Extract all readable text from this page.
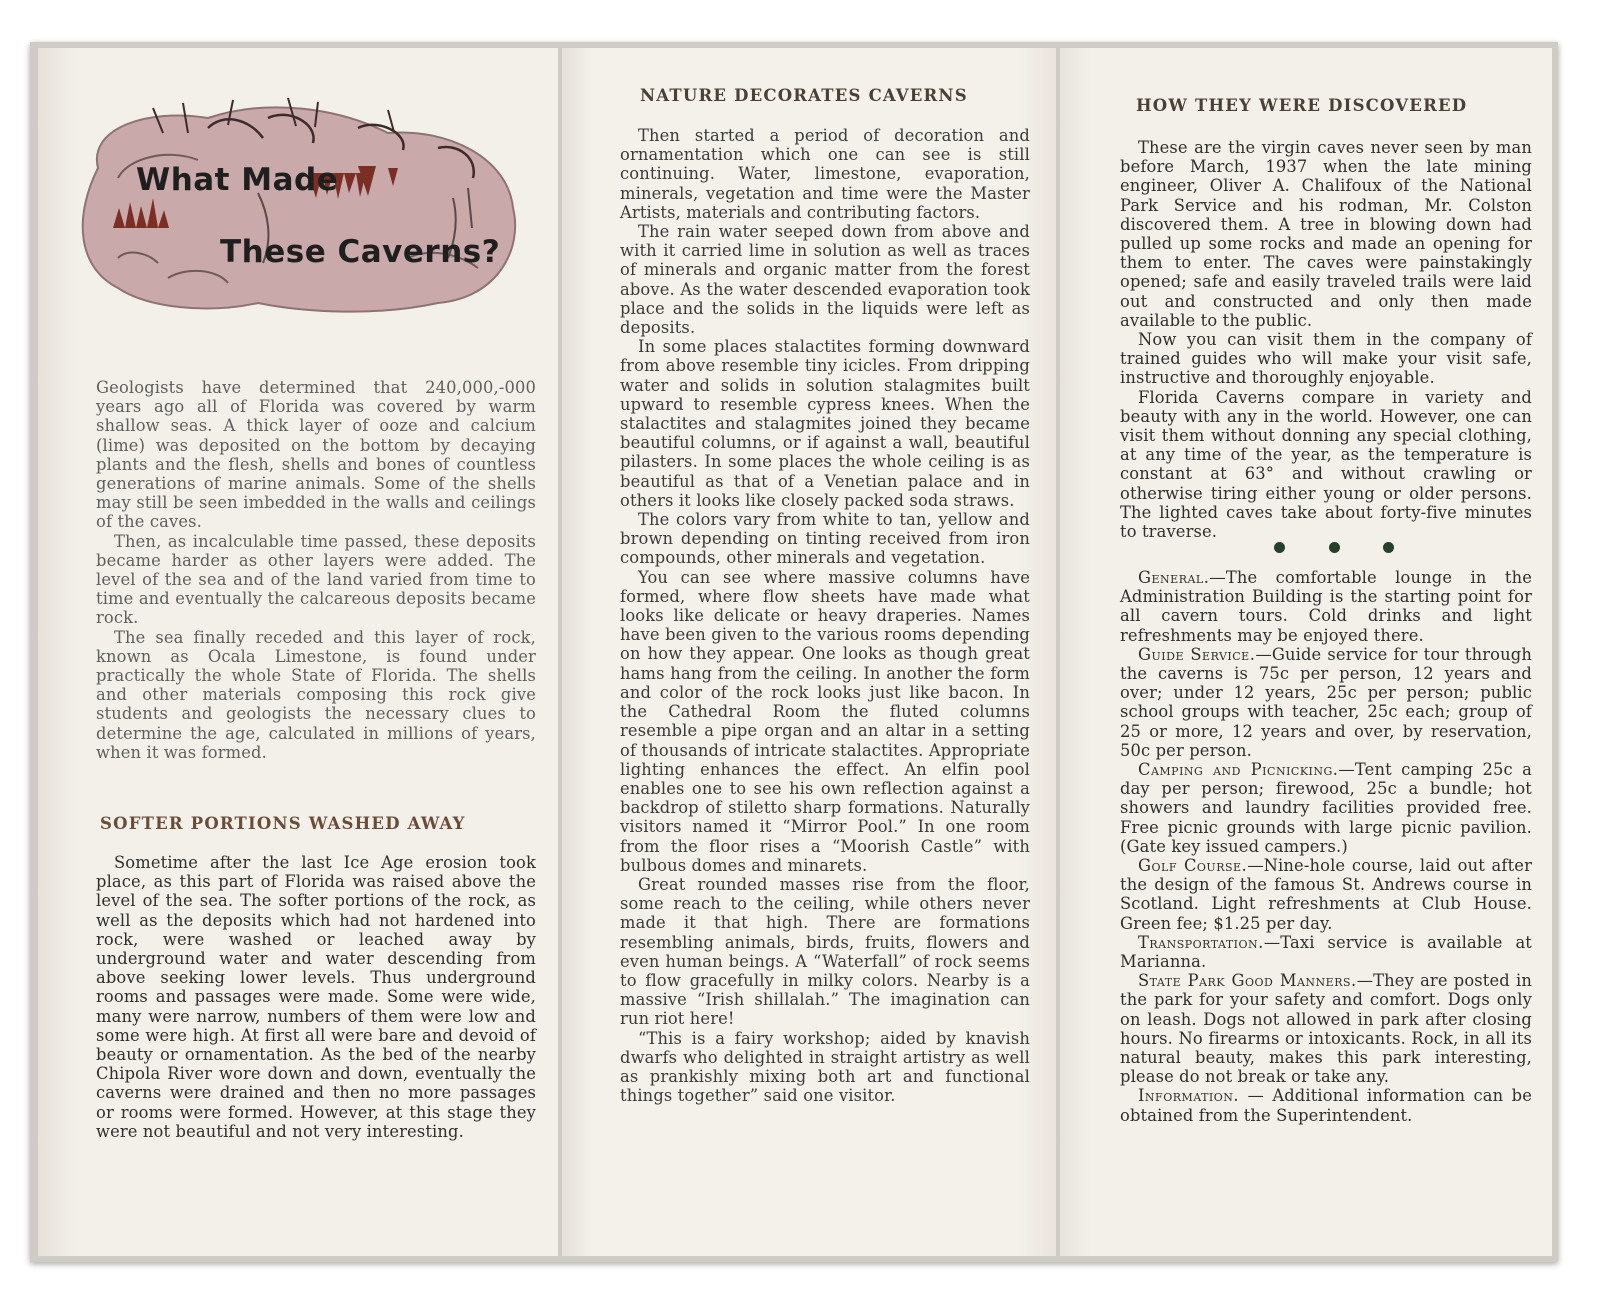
What Made
These Caverns?

Geologists have determined that 240,000,-000 years ago all of Florida was covered by warm shallow seas. A thick layer of ooze and calcium (lime) was deposited on the bottom by decaying plants and the flesh, shells and bones of countless generations of marine animals. Some of the shells may still be seen imbedded in the walls and ceilings of the caves.

Then, as incalculable time passed, these deposits became harder as other layers were added. The level of the sea and of the land varied from time to time and eventually the calcareous deposits became rock.

The sea finally receded and this layer of rock, known as Ocala Limestone, is found under practically the whole State of Florida. The shells and other materials composing this rock give students and geologists the necessary clues to determine the age, calculated in millions of years, when it was formed.

SOFTER PORTIONS WASHED AWAY

Sometime after the last Ice Age erosion took place, as this part of Florida was raised above the level of the sea. The softer portions of the rock, as well as the deposits which had not hardened into rock, were washed or leached away by underground water and water descending from above seeking lower levels. Thus underground rooms and passages were made. Some were wide, many were narrow, numbers of them were low and some were high. At first all were bare and devoid of beauty or ornamentation. As the bed of the nearby Chipola River wore down and down, eventually the caverns were drained and then no more passages or rooms were formed. However, at this stage they were not beautiful and not very interesting.

NATURE DECORATES CAVERNS

Then started a period of decoration and ornamentation which one can see is still continuing. Water, limestone, evaporation, minerals, vegetation and time were the Master Artists, materials and contributing factors.

The rain water seeped down from above and with it carried lime in solution as well as traces of minerals and organic matter from the forest above. As the water descended evaporation took place and the solids in the liquids were left as deposits.

In some places stalactites forming downward from above resemble tiny icicles. From dripping water and solids in solution stalagmites built upward to resemble cypress knees. When the stalactites and stalagmites joined they became beautiful columns, or if against a wall, beautiful pilasters. In some places the whole ceiling is as beautiful as that of a Venetian palace and in others it looks like closely packed soda straws.

The colors vary from white to tan, yellow and brown depending on tinting received from iron compounds, other minerals and vegetation.

You can see where massive columns have formed, where flow sheets have made what looks like delicate or heavy draperies. Names have been given to the various rooms depending on how they appear. One looks as though great hams hang from the ceiling. In another the form and color of the rock looks just like bacon. In the Cathedral Room the fluted columns resemble a pipe organ and an altar in a setting of thousands of intricate stalactites. Appropriate lighting enhances the effect. An elfin pool enables one to see his own reflection against a backdrop of stiletto sharp formations. Naturally visitors named it “Mirror Pool.” In one room from the floor rises a “Moorish Castle” with bulbous domes and minarets.

Great rounded masses rise from the floor, some reach to the ceiling, while others never made it that high. There are formations resembling animals, birds, fruits, flowers and even human beings. A “Waterfall” of rock seems to flow gracefully in milky colors. Nearby is a massive “Irish shillalah.” The imagination can run riot here!

“This is a fairy workshop; aided by knavish dwarfs who delighted in straight artistry as well as prankishly mixing both art and functional things together” said one visitor.

HOW THEY WERE DISCOVERED

These are the virgin caves never seen by man before March, 1937 when the late mining engineer, Oliver A. Chalifoux of the National Park Service and his rodman, Mr. Colston discovered them. A tree in blowing down had pulled up some rocks and made an opening for them to enter. The caves were painstakingly opened; safe and easily traveled trails were laid out and constructed and only then made available to the public.

Now you can visit them in the company of trained guides who will make your visit safe, instructive and thoroughly enjoyable.

Florida Caverns compare in variety and beauty with any in the world. However, one can visit them without donning any special clothing, at any time of the year, as the temperature is constant at 63° and without crawling or otherwise tiring either young or older persons. The lighted caves take about forty-five minutes to traverse.

General.—The comfortable lounge in the Administration Building is the starting point for all cavern tours. Cold drinks and light refreshments may be enjoyed there.

Guide Service.—Guide service for tour through the caverns is 75c per person, 12 years and over; under 12 years, 25c per person; public school groups with teacher, 25c each; group of 25 or more, 12 years and over, by reservation, 50c per person.

Camping and Picnicking.—Tent camping 25c a day per person; firewood, 25c a bundle; hot showers and laundry facilities provided free. Free picnic grounds with large picnic pavilion. (Gate key issued campers.)

Golf Course.—Nine-hole course, laid out after the design of the famous St. Andrews course in Scotland. Light refreshments at Club House. Green fee; $1.25 per day.

Transportation.—Taxi service is available at Marianna.

State Park Good Manners.—They are posted in the park for your safety and comfort. Dogs only on leash. Dogs not allowed in park after closing hours. No firearms or intoxicants. Rock, in all its natural beauty, makes this park interesting, please do not break or take any.

Information. — Additional information can be obtained from the Superintendent.
